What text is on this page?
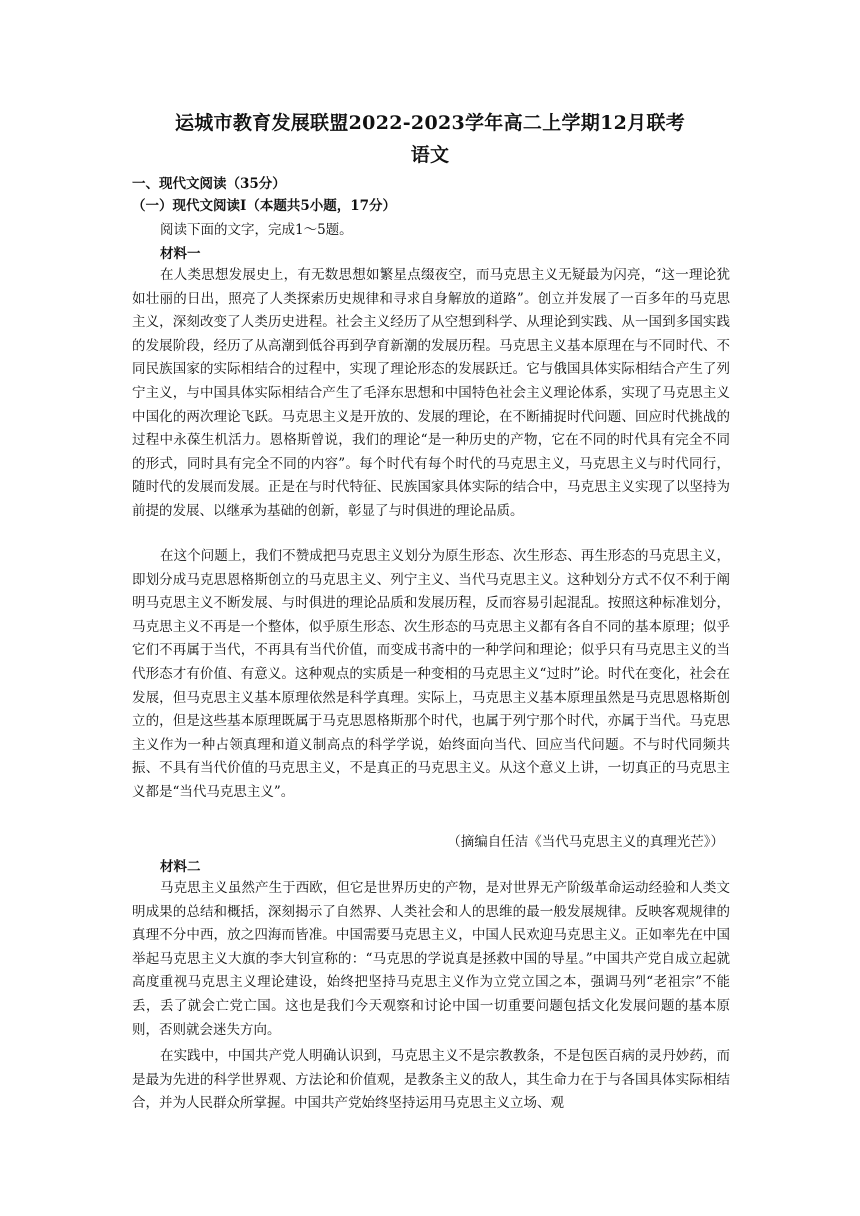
运城市教育发展联盟2022-2023学年高二上学期12月联考
语文
一、现代文阅读（35分）
（一）现代文阅读Ⅰ（本题共5小题，17分）
阅读下面的文字，完成1～5题。
材料一

在人类思想发展史上，有无数思想如繁星点缀夜空，而马克思主义无疑最为闪亮，“这一理论犹如壮丽的日出，照亮了人类探索历史规律和寻求自身解放的道路”。创立并发展了一百多年的马克思主义，深刻改变了人类历史进程。社会主义经历了从空想到科学、从理论到实践、从一国到多国实践的发展阶段，经历了从高潮到低谷再到孕育新潮的发展历程。马克思主义基本原理在与不同时代、不同民族国家的实际相结合的过程中，实现了理论形态的发展跃迁。它与俄国具体实际相结合产生了列宁主义，与中国具体实际相结合产生了毛泽东思想和中国特色社会主义理论体系，实现了马克思主义中国化的两次理论飞跃。马克思主义是开放的、发展的理论，在不断捕捉时代问题、回应时代挑战的过程中永葆生机活力。恩格斯曾说，我们的理论“是一种历史的产物，它在不同的时代具有完全不同的形式，同时具有完全不同的内容”。每个时代有每个时代的马克思主义，马克思主义与时代同行，随时代的发展而发展。正是在与时代特征、民族国家具体实际的结合中，马克思主义实现了以坚持为前提的发展、以继承为基础的创新，彰显了与时俱进的理论品质。

在这个问题上，我们不赞成把马克思主义划分为原生形态、次生形态、再生形态的马克思主义，即划分成马克思恩格斯创立的马克思主义、列宁主义、当代马克思主义。这种划分方式不仅不利于阐明马克思主义不断发展、与时俱进的理论品质和发展历程，反而容易引起混乱。按照这种标准划分，马克思主义不再是一个整体，似乎原生形态、次生形态的马克思主义都有各自不同的基本原理；似乎它们不再属于当代，不再具有当代价值，而变成书斋中的一种学问和理论；似乎只有马克思主义的当代形态才有价值、有意义。这种观点的实质是一种变相的马克思主义“过时”论。时代在变化，社会在发展，但马克思主义基本原理依然是科学真理。实际上，马克思主义基本原理虽然是马克思恩格斯创立的，但是这些基本原理既属于马克思恩格斯那个时代，也属于列宁那个时代，亦属于当代。马克思主义作为一种占领真理和道义制高点的科学学说，始终面向当代、回应当代问题。不与时代同频共振、不具有当代价值的马克思主义，不是真正的马克思主义。从这个意义上讲，一切真正的马克思主义都是“当代马克思主义”。

（摘编自任洁《当代马克思主义的真理光芒》）
材料二

马克思主义虽然产生于西欧，但它是世界历史的产物，是对世界无产阶级革命运动经验和人类文明成果的总结和概括，深刻揭示了自然界、人类社会和人的思维的最一般发展规律。反映客观规律的真理不分中西，放之四海而皆准。中国需要马克思主义，中国人民欢迎马克思主义。正如率先在中国举起马克思主义大旗的李大钊宣称的：“马克思的学说真是拯救中国的导星。”中国共产党自成立起就高度重视马克思主义理论建设，始终把坚持马克思主义作为立党立国之本，强调马列“老祖宗”不能丢，丢了就会亡党亡国。这也是我们今天观察和讨论中国一切重要问题包括文化发展问题的基本原则，否则就会迷失方向。

在实践中，中国共产党人明确认识到，马克思主义不是宗教教条，不是包医百病的灵丹妙药，而是最为先进的科学世界观、方法论和价值观，是教条主义的敌人，其生命力在于与各国具体实际相结合，并为人民群众所掌握。中国共产党始终坚持运用马克思主义立场、观
